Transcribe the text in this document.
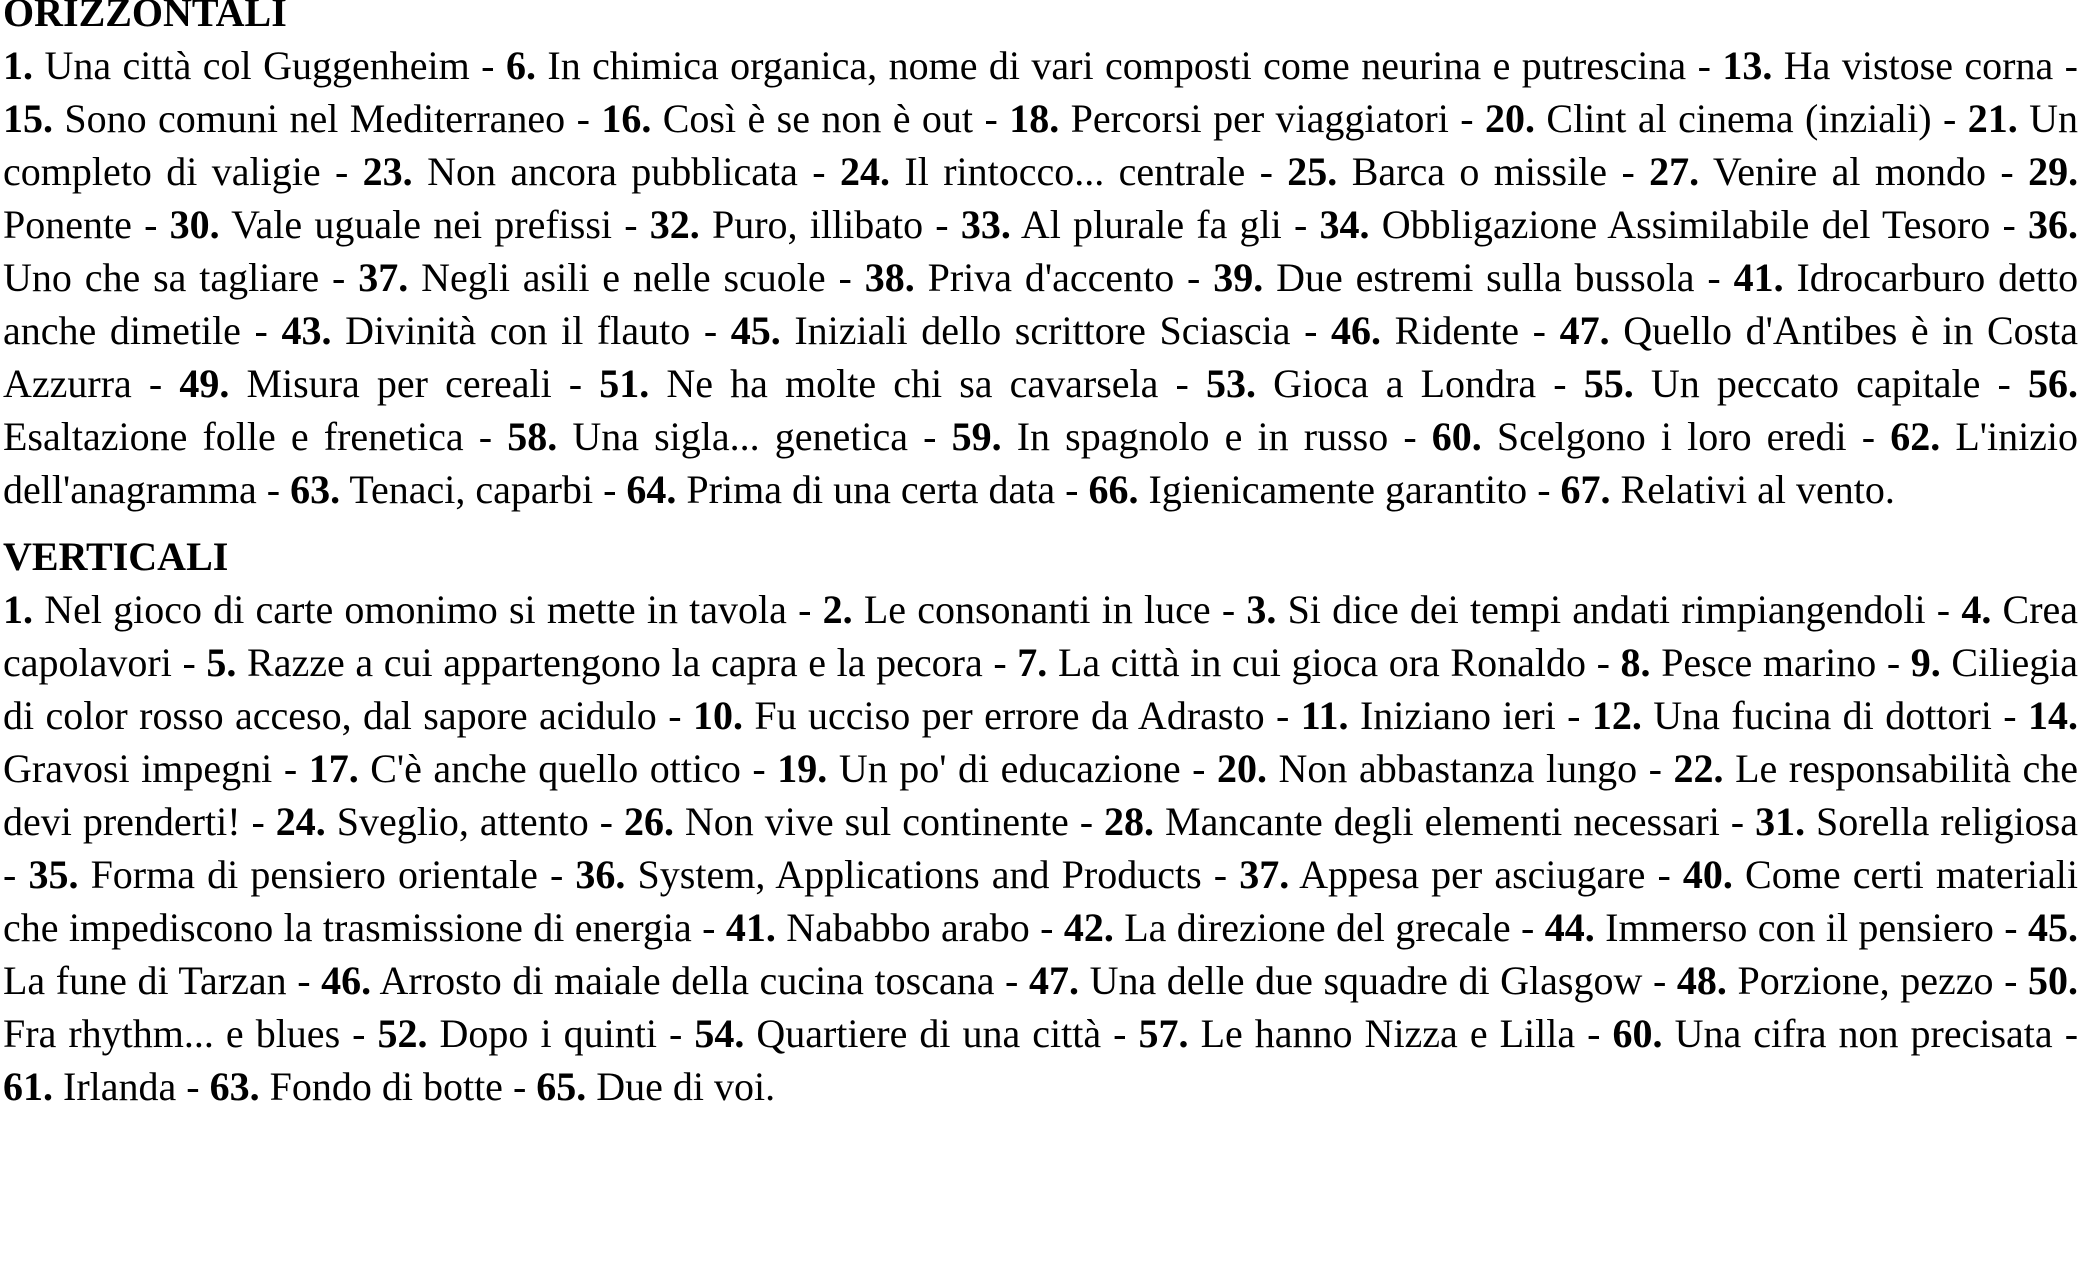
ORIZZONTALI

1. Una città col Guggenheim - 6. In chimica organica, nome di vari composti come neurina e putrescina - 13. Ha vistose corna - 15. Sono comuni nel Mediterraneo - 16. Così è se non è out - 18. Percorsi per viaggiatori - 20. Clint al cinema (inziali) - 21. Un completo di valigie - 23. Non ancora pubblicata - 24. Il rintocco... centrale - 25. Barca o missile - 27. Venire al mondo - 29. Ponente - 30. Vale uguale nei prefissi - 32. Puro, illibato - 33. Al plurale fa gli - 34. Obbligazione Assimilabile del Tesoro - 36. Uno che sa tagliare - 37. Negli asili e nelle scuole - 38. Priva d'accento - 39. Due estremi sulla bussola - 41. Idrocarburo detto anche dimetile - 43. Divinità con il flauto - 45. Iniziali dello scrittore Sciascia - 46. Ridente - 47. Quello d'Antibes è in Costa Azzurra - 49. Misura per cereali - 51. Ne ha molte chi sa cavarsela - 53. Gioca a Londra - 55. Un peccato capitale - 56. Esaltazione folle e frenetica - 58. Una sigla... genetica - 59. In spagnolo e in russo - 60. Scelgono i loro eredi - 62. L'inizio dell'anagramma - 63. Tenaci, caparbi - 64. Prima di una certa data - 66. Igienicamente garantito - 67. Relativi al vento.

VERTICALI

1. Nel gioco di carte omonimo si mette in tavola - 2. Le consonanti in luce - 3. Si dice dei tempi andati rimpiangendoli - 4. Crea capolavori - 5. Razze a cui appartengono la capra e la pecora - 7. La città in cui gioca ora Ronaldo - 8. Pesce marino - 9. Ciliegia di color rosso acceso, dal sapore acidulo - 10. Fu ucciso per errore da Adrasto - 11. Iniziano ieri - 12. Una fucina di dottori - 14. Gravosi impegni - 17. C'è anche quello ottico - 19. Un po' di educazione - 20. Non abbastanza lungo - 22. Le responsabilità che devi prenderti! - 24. Sveglio, attento - 26. Non vive sul continente - 28. Mancante degli elementi necessari - 31. Sorella religiosa - 35. Forma di pensiero orientale - 36. System, Applications and Products - 37. Appesa per asciugare - 40. Come certi materiali che impediscono la trasmissione di energia - 41. Nababbo arabo - 42. La direzione del grecale - 44. Immerso con il pensiero - 45. La fune di Tarzan - 46. Arrosto di maiale della cucina toscana - 47. Una delle due squadre di Glasgow - 48. Porzione, pezzo - 50. Fra rhythm... e blues - 52. Dopo i quinti - 54. Quartiere di una città - 57. Le hanno Nizza e Lilla - 60. Una cifra non precisata - 61. Irlanda - 63. Fondo di botte - 65. Due di voi.
